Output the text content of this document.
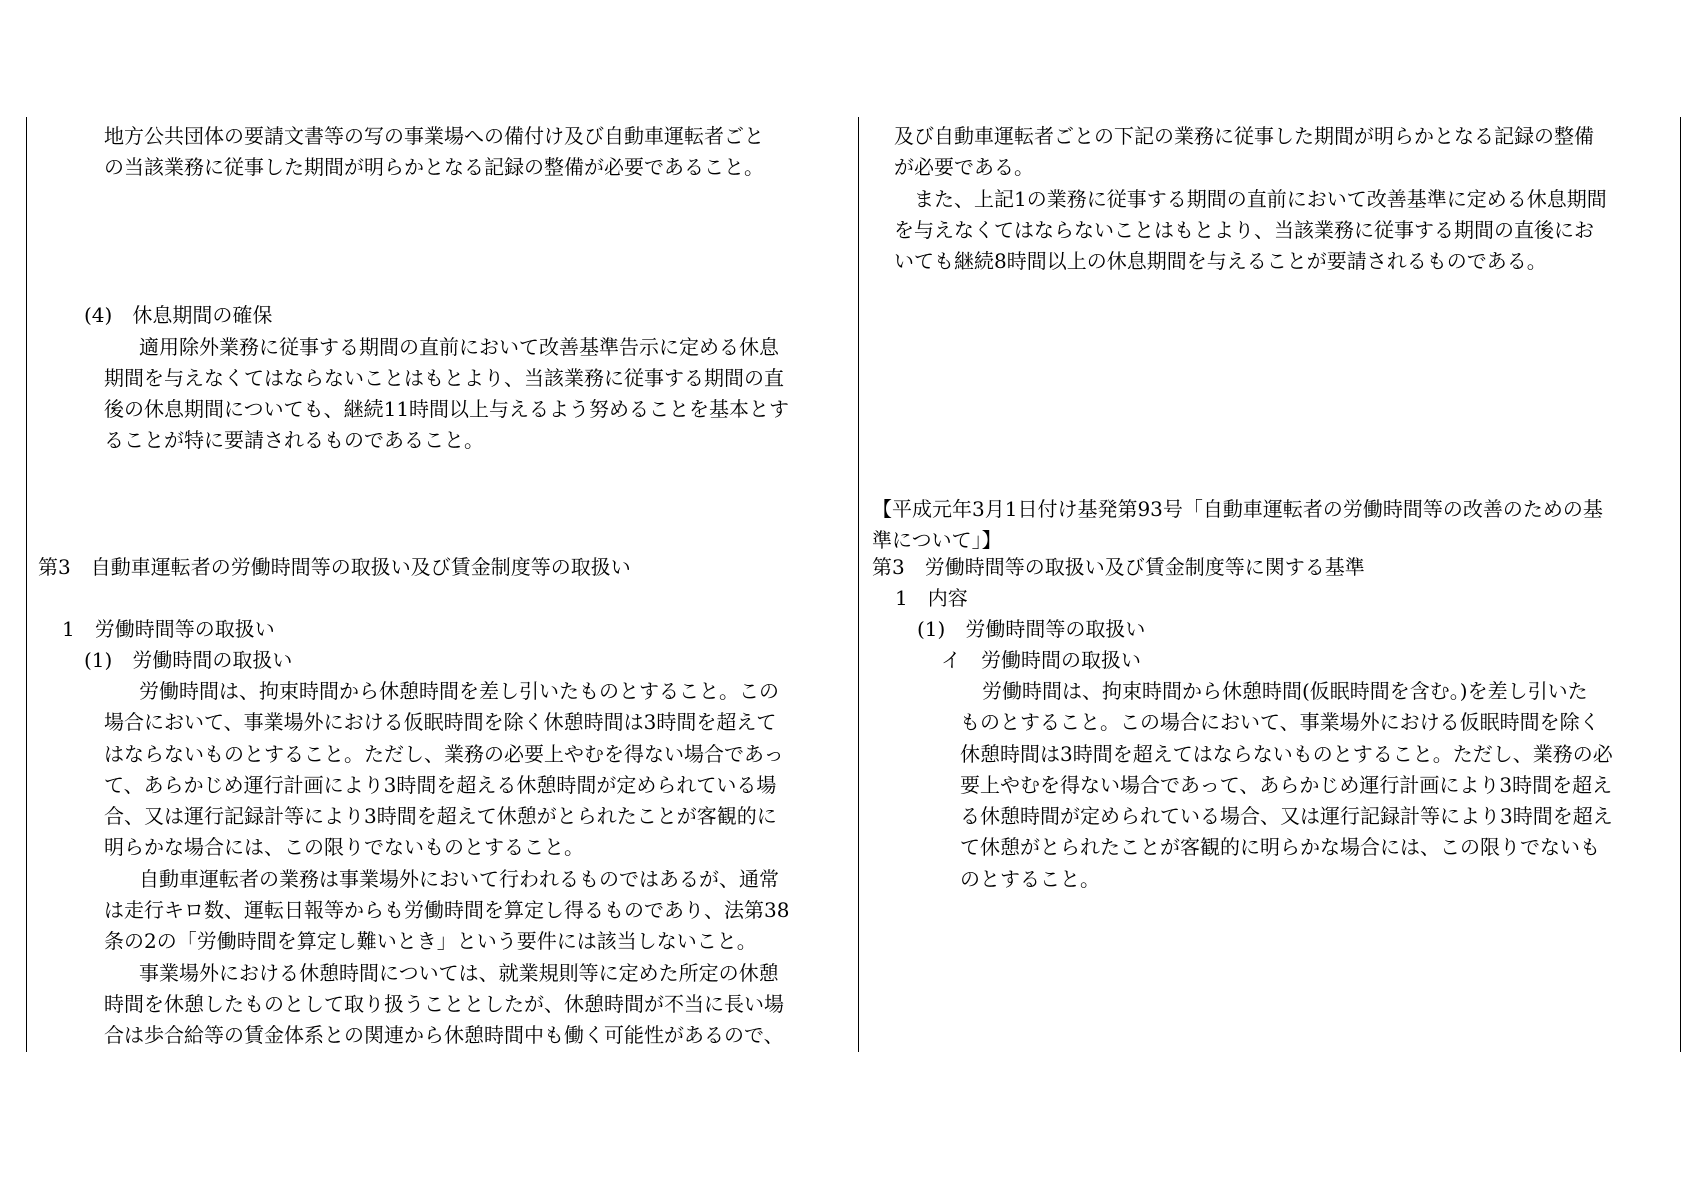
地方公共団体の要請文書等の写の事業場への備付け及び自動車運転者ごと
の当該業務に従事した期間が明らかとなる記録の整備が必要であること。
(4)　休息期間の確保
適用除外業務に従事する期間の直前において改善基準告示に定める休息
期間を与えなくてはならないことはもとより、当該業務に従事する期間の直
後の休息期間についても、継続11時間以上与えるよう努めることを基本とす
ることが特に要請されるものであること。
第3　自動車運転者の労働時間等の取扱い及び賃金制度等の取扱い
1　労働時間等の取扱い
(1)　労働時間の取扱い
労働時間は、拘束時間から休憩時間を差し引いたものとすること。この
場合において、事業場外における仮眠時間を除く休憩時間は3時間を超えて
はならないものとすること。ただし、業務の必要上やむを得ない場合であっ
て、あらかじめ運行計画により3時間を超える休憩時間が定められている場
合、又は運行記録計等により3時間を超えて休憩がとられたことが客観的に
明らかな場合には、この限りでないものとすること。
自動車運転者の業務は事業場外において行われるものではあるが、通常
は走行キロ数、運転日報等からも労働時間を算定し得るものであり、法第38
条の2の「労働時間を算定し難いとき」という要件には該当しないこと。
事業場外における休憩時間については、就業規則等に定めた所定の休憩
時間を休憩したものとして取り扱うこととしたが、休憩時間が不当に長い場
合は歩合給等の賃金体系との関連から休憩時間中も働く可能性があるので、
及び自動車運転者ごとの下記の業務に従事した期間が明らかとなる記録の整備
が必要である。
　また、上記1の業務に従事する期間の直前において改善基準に定める休息期間
を与えなくてはならないことはもとより、当該業務に従事する期間の直後にお
いても継続8時間以上の休息期間を与えることが要請されるものである。
【平成元年3月1日付け基発第93号「自動車運転者の労働時間等の改善のための基
準について」】
第3　労働時間等の取扱い及び賃金制度等に関する基準
1　内容
(1)　労働時間等の取扱い
イ　労働時間の取扱い
労働時間は、拘束時間から休憩時間(仮眠時間を含む。)を差し引いた
ものとすること。この場合において、事業場外における仮眠時間を除く
休憩時間は3時間を超えてはならないものとすること。ただし、業務の必
要上やむを得ない場合であって、あらかじめ運行計画により3時間を超え
る休憩時間が定められている場合、又は運行記録計等により3時間を超え
て休憩がとられたことが客観的に明らかな場合には、この限りでないも
のとすること。
